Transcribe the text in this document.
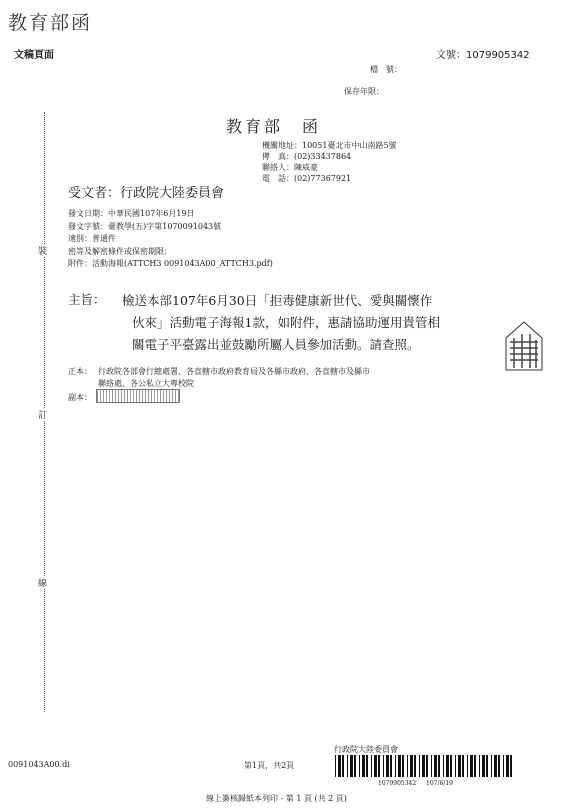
教育部函
文稿頁面	文號：1079905342
檔　號：
保存年限：
裝
訂
線
教育部　函
機關地址：10051臺北市中山南路5號
傳　真：(02)33437864
聯絡人：陳威豪
電　話：(02)77367921
受文者：行政院大陸委員會
發文日期：中華民國107年6月19日
發文字號：臺教學(五)字第1070091043號
速別：普通件
密等及解密條件或保密期限：
附件：活動海報(ATTCH3 0091043A00_ATTCH3.pdf)
主旨： 檢送本部107年6月30日「拒毒健康新世代、愛與關懷作
伙來」活動電子海報1款，如附件，惠請協助運用貴管相
關電子平臺露出並鼓勵所屬人員參加活動。請查照。
正本： 行政院各部會行總處署、各直轄市政府教育局及各縣市政府、各直轄市及縣市
聯絡處、各公私立大專校院
副本：
0091043A00.di	第1頁，共2頁
行政院大陸委員會
1079905342 107/6/19
線上簽核歸紙本列印 - 第 1 頁 (共 2 頁)
